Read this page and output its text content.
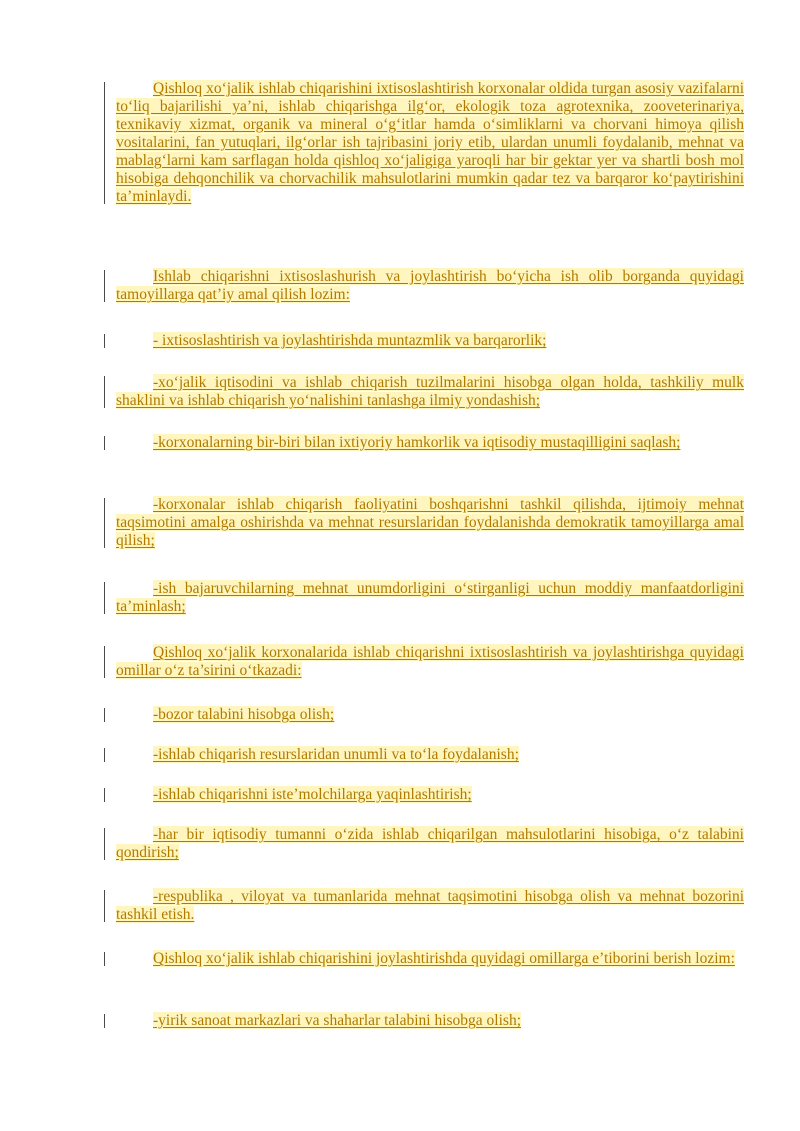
Qishloq xo‘jalik ishlab chiqarishini ixtisoslashtirish korxonalar oldida turgan asosiy vazifalarni to‘liq bajarilishi ya’ni, ishlab chiqarishga ilg‘or, ekologik toza agrotexnika, zooveterinariya, texnikaviy xizmat, organik va mineral o‘g‘itlar hamda o‘simliklarni va chorvani himoya qilish vositalarini, fan yutuqlari, ilg‘orlar ish tajribasini joriy etib, ulardan unumli foydalanib, mehnat va mablag‘larni kam sarflagan holda qishloq xo‘jaligiga yaroqli har bir gektar yer va shartli bosh mol hisobiga dehqonchilik va chorvachilik mahsulotlarini mumkin qadar tez va barqaror ko‘paytirishini ta’minlaydi.
Ishlab chiqarishni ixtisoslashurish va joylashtirish bo‘yicha ish olib borganda quyidagi tamoyillarga qat’iy amal qilish lozim:
- ixtisoslashtirish va joylashtirishda muntazmlik va barqarorlik;
-xo‘jalik iqtisodini va ishlab chiqarish tuzilmalarini hisobga olgan holda, tashkiliy mulk shaklini va ishlab chiqarish yo‘nalishini tanlashga ilmiy yondashish;
-korxonalarning bir-biri bilan ixtiyoriy hamkorlik va iqtisodiy mustaqilligini saqlash;
-korxonalar ishlab chiqarish faoliyatini boshqarishni tashkil qilishda, ijtimoiy mehnat taqsimotini amalga oshirishda va mehnat resurslaridan foydalanishda demokratik tamoyillarga amal qilish;
-ish bajaruvchilarning mehnat unumdorligini o‘stirganligi uchun moddiy manfaatdorligini ta’minlash;
Qishloq xo‘jalik korxonalarida ishlab chiqarishni ixtisoslashtirish va joylashtirishga quyidagi omillar o‘z ta’sirini o‘tkazadi:
-bozor talabini hisobga olish;
-ishlab chiqarish resurslaridan unumli va to‘la foydalanish;
-ishlab chiqarishni iste’molchilarga yaqinlashtirish;
-har bir iqtisodiy tumanni o‘zida ishlab chiqarilgan mahsulotlarini hisobiga, o‘z talabini qondirish;
-respublika , viloyat va tumanlarida mehnat taqsimotini hisobga olish va mehnat bozorini tashkil etish.
Qishloq xo‘jalik ishlab chiqarishini joylashtirishda quyidagi omillarga e’tiborini berish lozim:
-yirik sanoat markazlari va shaharlar talabini hisobga olish;
